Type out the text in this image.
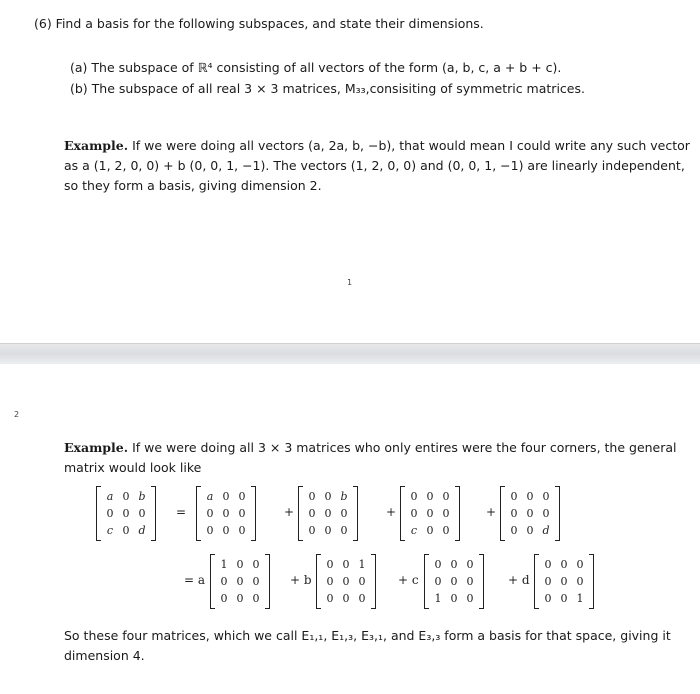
(6) Find a basis for the following subspaces, and state their dimensions.
(a) The subspace of ℝ⁴ consisting of all vectors of the form (a, b, c, a + b + c).
(b) The subspace of all real 3 × 3 matrices, M₃₃,consisiting of symmetric matrices.
Example. If we were doing all vectors (a, 2a, b, −b), that would mean I could write any such vector as a (1, 2, 0, 0) + b (0, 0, 1, −1). The vectors (1, 2, 0, 0) and (0, 0, 1, −1) are linearly independent, so they form a basis, giving dimension 2.
1
2
Example. If we were doing all 3 × 3 matrices who only entires were the four corners, the general matrix would look like
a 0 b
0 0 0
c 0 d
=
a 0 0
0 0 0
0 0 0
+
0 0 b
0 0 0
0 0 0
+
0 0 0
0 0 0
c 0 0
+
0 0 0
0 0 0
0 0 d
= a
1 0 0
0 0 0
0 0 0
+ b
0 0 1
0 0 0
0 0 0
+ c
0 0 0
0 0 0
1 0 0
+ d
0 0 0
0 0 0
0 0 1
So these four matrices, which we call E₁,₁, E₁,₃, E₃,₁, and E₃,₃ form a basis for that space, giving it dimension 4.
